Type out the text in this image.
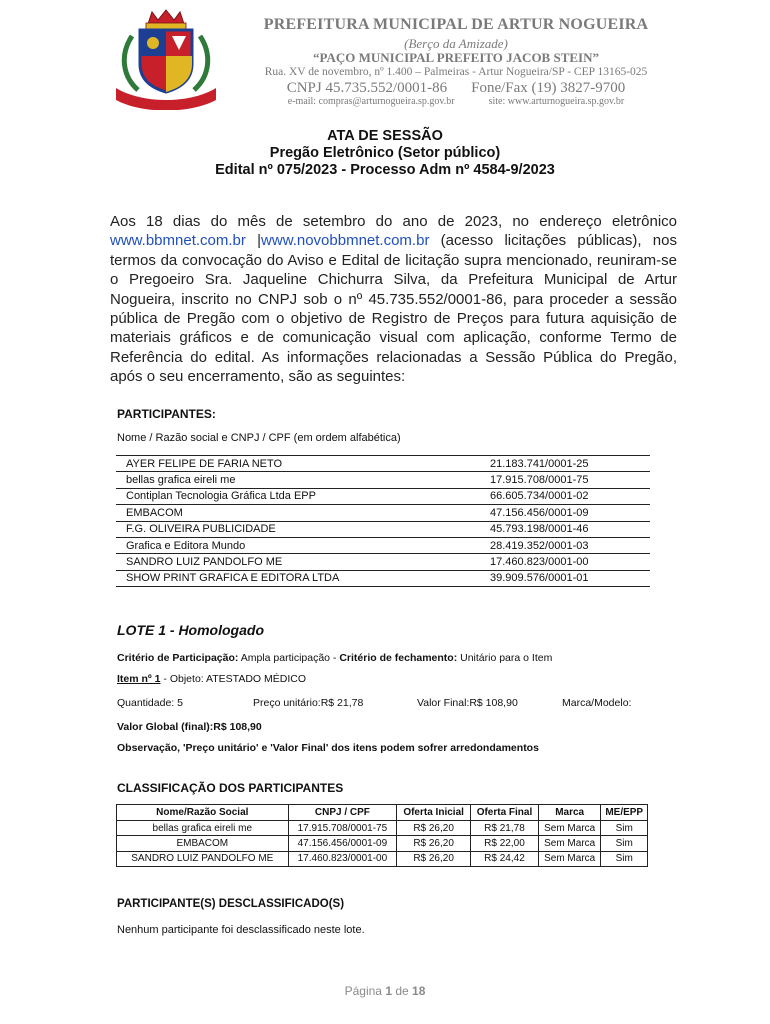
PREFEITURA MUNICIPAL DE ARTUR NOGUEIRA
(Berço da Amizade)
“PAÇO MUNICIPAL PREFEITO JACOB STEIN”
Rua. XV de novembro, nº 1.400 – Palmeiras - Artur Nogueira/SP - CEP 13165-025
CNPJ 45.735.552/0001-86 Fone/Fax (19) 3827-9700
e-mail: compras@arturnogueira.sp.gov.br	site: www.arturnogueira.sp.gov.br
ATA DE SESSÃO
Pregão Eletrônico (Setor público)
Edital nº 075/2023 - Processo Adm nº 4584-9/2023
Aos 18 dias do mês de setembro do ano de 2023, no endereço eletrônico www.bbmnet.com.br |www.novobbmnet.com.br (acesso licitações públicas), nos termos da convocação do Aviso e Edital de licitação supra mencionado, reuniram-se o Pregoeiro Sra. Jaqueline Chichurra Silva, da Prefeitura Municipal de Artur Nogueira, inscrito no CNPJ sob o nº 45.735.552/0001-86, para proceder a sessão pública de Pregão com o objetivo de Registro de Preços para futura aquisição de materiais gráficos e de comunicação visual com aplicação, conforme Termo de Referência do edital. As informações relacionadas a Sessão Pública do Pregão, após o seu encerramento, são as seguintes:
PARTICIPANTES:
Nome / Razão social e CNPJ / CPF (em ordem alfabética)
AYER FELIPE DE FARIA NETO	21.183.741/0001-25
bellas grafica eireli me	17.915.708/0001-75
Contiplan Tecnologia Gráfica Ltda EPP	66.605.734/0001-02
EMBACOM	47.156.456/0001-09
F.G. OLIVEIRA PUBLICIDADE	45.793.198/0001-46
Grafica e Editora Mundo	28.419.352/0001-03
SANDRO LUIZ PANDOLFO ME	17.460.823/0001-00
SHOW PRINT GRAFICA E EDITORA LTDA	39.909.576/0001-01
LOTE 1 - Homologado
Critério de Participação: Ampla participação - Critério de fechamento: Unitário para o Item
Item nº 1 - Objeto: ATESTADO MÉDICO
Quantidade: 5	Preço unitário:R$ 21,78	Valor Final:R$ 108,90	Marca/Modelo:
Valor Global (final):R$ 108,90
Observação, 'Preço unitário' e 'Valor Final' dos itens podem sofrer arredondamentos
CLASSIFICAÇÃO DOS PARTICIPANTES
Nome/Razão Social	CNPJ / CPF	Oferta Inicial	Oferta Final	Marca	ME/EPP
bellas grafica eireli me	17.915.708/0001-75	R$ 26,20	R$ 21,78	Sem Marca	Sim
EMBACOM	47.156.456/0001-09	R$ 26,20	R$ 22,00	Sem Marca	Sim
SANDRO LUIZ PANDOLFO ME	17.460.823/0001-00	R$ 26,20	R$ 24,42	Sem Marca	Sim
PARTICIPANTE(S) DESCLASSIFICADO(S)
Nenhum participante foi desclassificado neste lote.
Página 1 de 18
